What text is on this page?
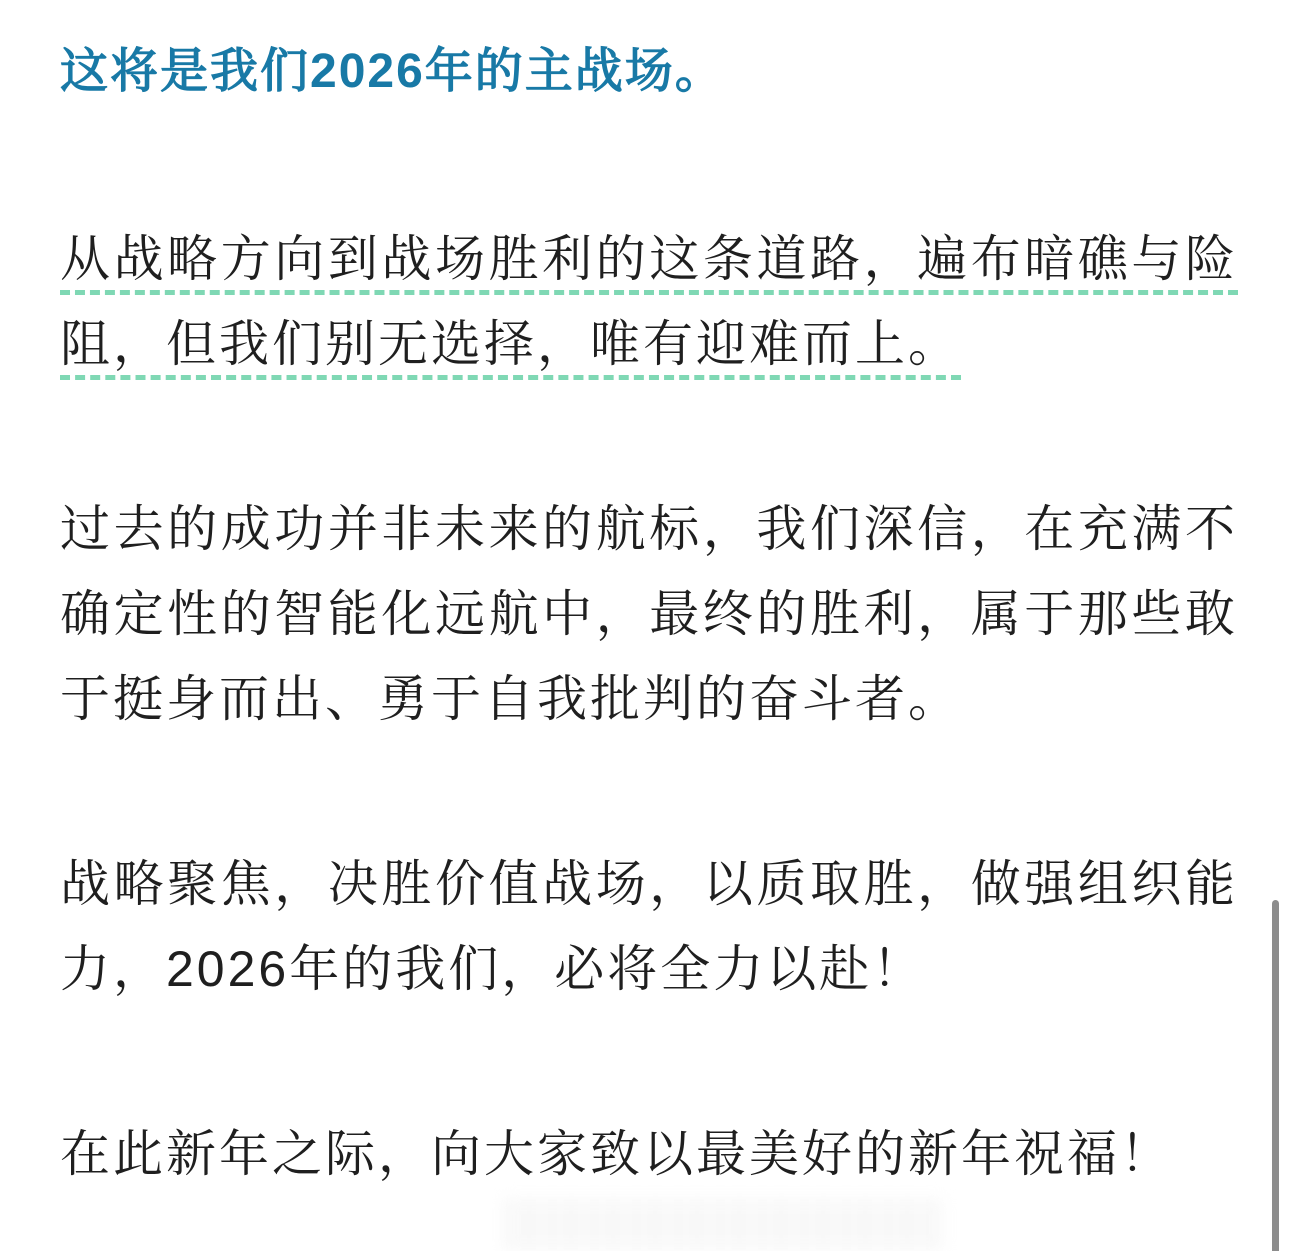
这将是我们2026年的主战场。

从战略方向到战场胜利的这条道路，遍布暗礁与险阻，但我们别无选择，唯有迎难而上。

过去的成功并非未来的航标，我们深信，在充满不确定性的智能化远航中，最终的胜利，属于那些敢于挺身而出、勇于自我批判的奋斗者。

战略聚焦，决胜价值战场，以质取胜，做强组织能力，2026年的我们，必将全力以赴！

在此新年之际，向大家致以最美好的新年祝福！
